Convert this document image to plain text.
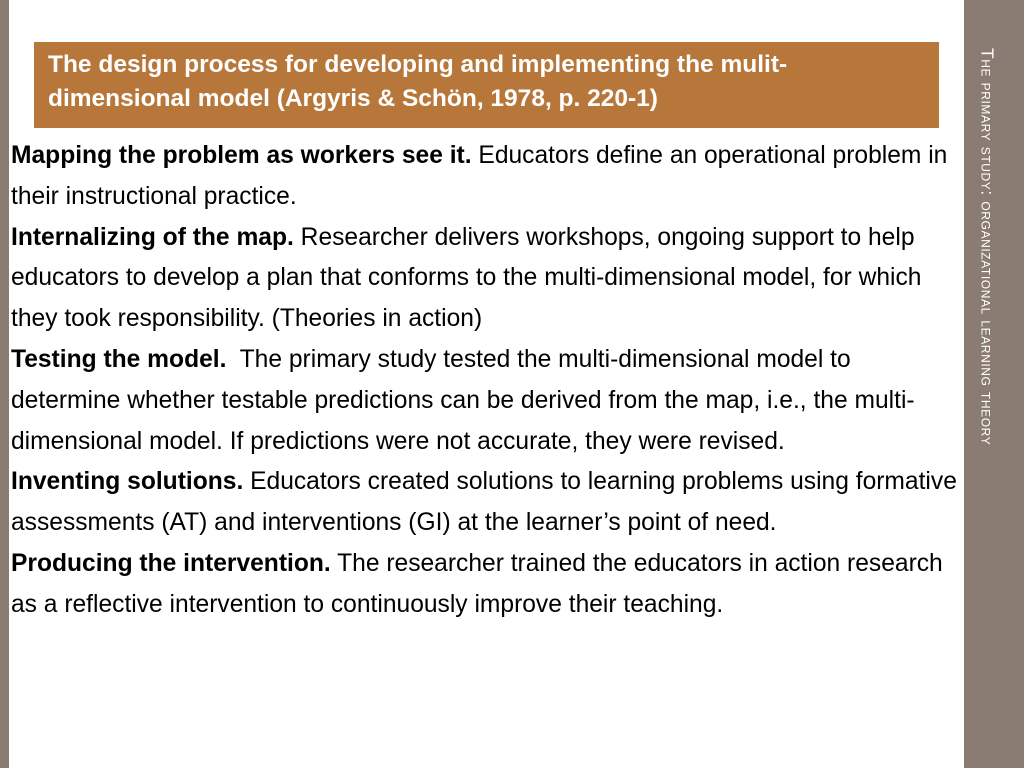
The primary study: organizational learning theory
The design process for developing and implementing the mulit-dimensional model (Argyris & Schön, 1978, p. 220-1)

Mapping the problem as workers see it. Educators define an operational problem in their instructional practice.

Internalizing of the map. Researcher delivers workshops, ongoing support to help educators to develop a plan that conforms to the multi-dimensional model, for which they took responsibility. (Theories in action)

Testing the model.  The primary study tested the multi-dimensional model to determine whether testable predictions can be derived from the map, i.e., the multi-dimensional model. If predictions were not accurate, they were revised.

Inventing solutions. Educators created solutions to learning problems using formative assessments (AT) and interventions (GI) at the learner’s point of need.

Producing the intervention. The researcher trained the educators in action research as a reflective intervention to continuously improve their teaching.
